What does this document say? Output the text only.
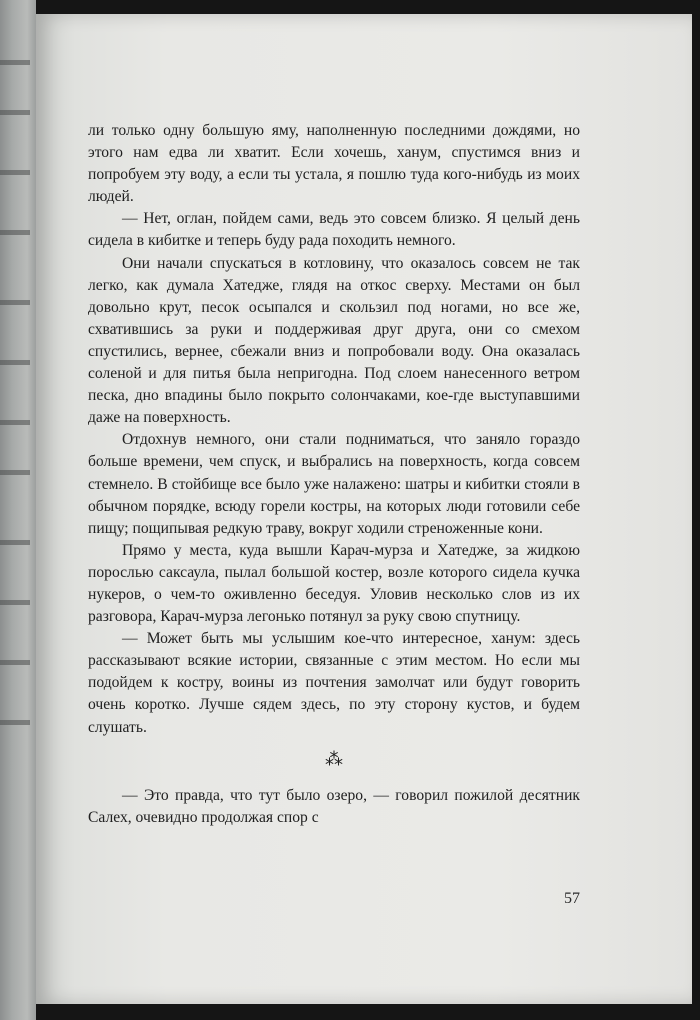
ли только одну большую яму, наполненную последними дождями, но этого нам едва ли хватит. Если хочешь, ханум, спустимся вниз и попробуем эту воду, а если ты устала, я пошлю туда кого-нибудь из моих людей.

— Нет, оглан, пойдем сами, ведь это совсем близко. Я целый день сидела в кибитке и теперь буду рада походить немного.

Они начали спускаться в котловину, что оказалось совсем не так легко, как думала Хатедже, глядя на откос сверху. Местами он был довольно крут, песок осыпался и скользил под ногами, но все же, схватившись за руки и поддерживая друг друга, они со смехом спустились, вернее, сбежали вниз и попробовали воду. Она оказалась соленой и для питья была непригодна. Под слоем нанесенного ветром песка, дно впадины было покрыто солончаками, кое-где выступавшими даже на поверхность.

Отдохнув немного, они стали подниматься, что заняло гораздо больше времени, чем спуск, и выбрались на поверхность, когда совсем стемнело. В стойбище все было уже налажено: шатры и кибитки стояли в обычном порядке, всюду горели костры, на которых люди готовили себе пищу; пощипывая редкую траву, вокруг ходили стреноженные кони.

Прямо у места, куда вышли Карач-мурза и Хатедже, за жидкою порослью саксаула, пылал большой костер, возле которого сидела кучка нукеров, о чем-то оживленно беседуя. Уловив несколько слов из их разговора, Карач-мурза легонько потянул за руку свою спутницу.

— Может быть мы услышим кое-что интересное, ханум: здесь рассказывают всякие истории, связанные с этим местом. Но если мы подойдем к костру, воины из почтения замолчат или будут говорить очень коротко. Лучше сядем здесь, по эту сторону кустов, и будем слушать.

⁂

— Это правда, что тут было озеро, — говорил пожилой десятник Салех, очевидно продолжая спор с

57
